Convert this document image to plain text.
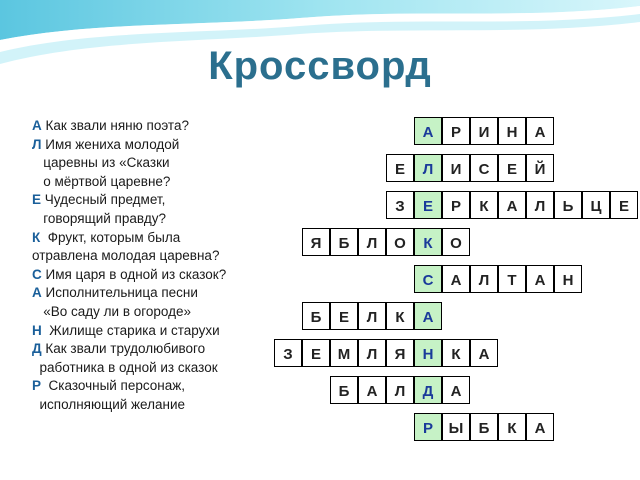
Кроссворд
А Как звали няню поэта?
Л Имя жениха молодой
царевны из «Сказки
о мёртвой царевне?
Е Чудесный предмет,
говорящий правду?
К  Фрукт, которым была
отравлена молодая царевна?
С Имя царя в одной из сказок?
А Исполнительница песни
«Во саду ли в огороде»
Н  Жилище старика и старухи
Д Как звали трудолюбивого
работника в одной из сказок
Р  Сказочный персонаж,
исполняющий желание
А	Р	И	Н	А
Е	Л	И	С	Е	Й
З	Е	Р	К	А	Л	Ь	Ц	Е
Я	Б	Л	О	К	О
С	А	Л	Т	А	Н
Б	Е	Л	К	А
З	Е	М	Л	Я	Н	К	А
Б	А	Л	Д	А
Р	Ы	Б	К	А
